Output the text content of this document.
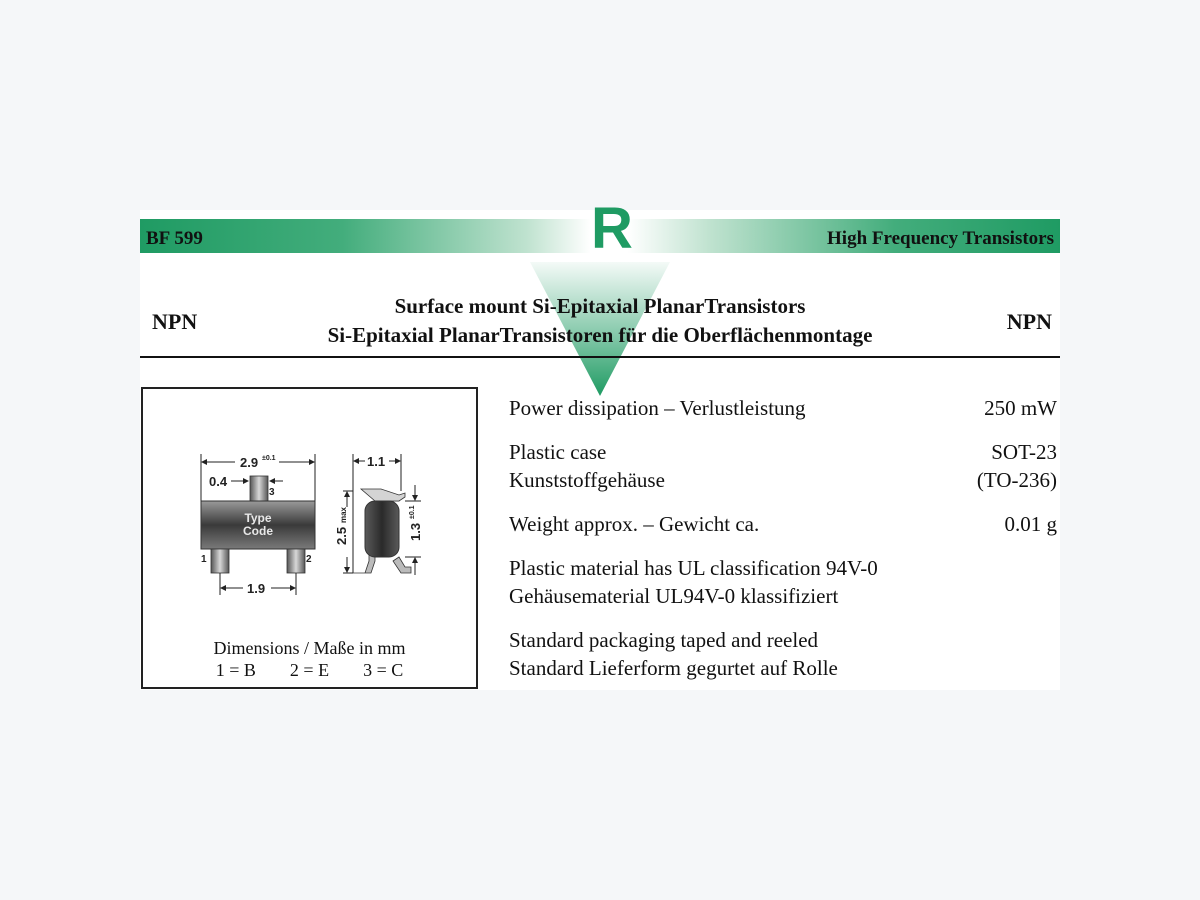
BF 599	High Frequency Transistors
R
NPN	NPN
Surface mount Si-Epitaxial PlanarTransistors
Si-Epitaxial PlanarTransistoren für die Oberflächenmontage
2.9 ±0.1
0.4
3
Type
Code
1	2
1.9
1.1
2.5
max
1.3
±0.1
Dimensions / Maße in mm
1 = B 2 = E 3 = C
Power dissipation – Verlustleistung	250 mW
Plastic case	SOT-23
Kunststoffgehäuse	(TO-236)
Weight approx. – Gewicht ca.	0.01 g
Plastic material has UL classification 94V-0
Gehäusematerial UL94V-0 klassifiziert
Standard packaging taped and reeled
Standard Lieferform gegurtet auf Rolle
